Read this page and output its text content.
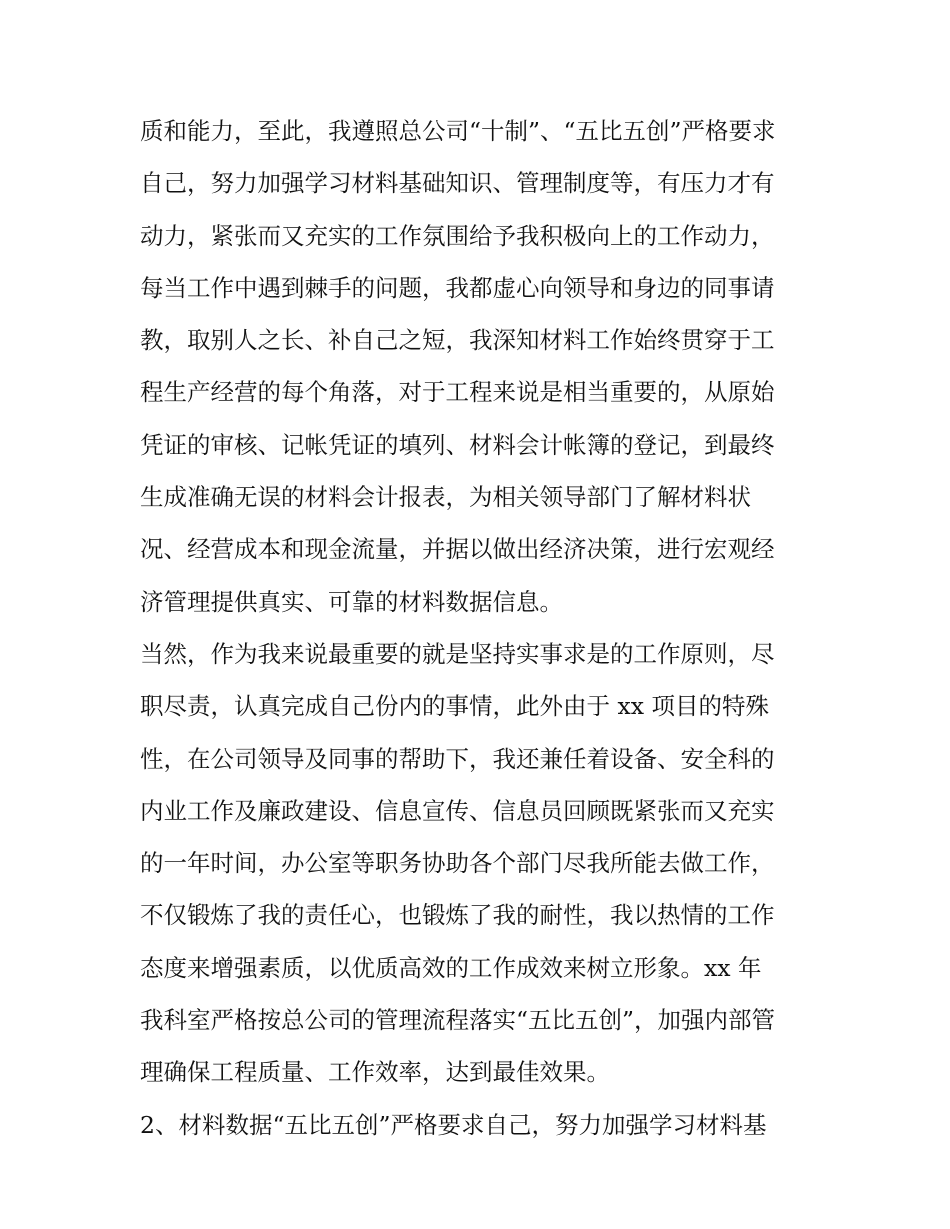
质和能力，至此，我遵照总公司“十制”、“五比五创”严格要求
自己，努力加强学习材料基础知识、管理制度等，有压力才有
动力，紧张而又充实的工作氛围给予我积极向上的工作动力，
每当工作中遇到棘手的问题，我都虚心向领导和身边的同事请
教，取别人之长、补自己之短，我深知材料工作始终贯穿于工
程生产经营的每个角落，对于工程来说是相当重要的，从原始
凭证的审核、记帐凭证的填列、材料会计帐簿的登记，到最终
生成准确无误的材料会计报表，为相关领导部门了解材料状
况、经营成本和现金流量，并据以做出经济决策，进行宏观经
济管理提供真实、可靠的材料数据信息。
当然，作为我来说最重要的就是坚持实事求是的工作原则，尽
职尽责，认真完成自己份内的事情，此外由于 xx 项目的特殊
性，在公司领导及同事的帮助下，我还兼任着设备、安全科的
内业工作及廉政建设、信息宣传、信息员回顾既紧张而又充实
的一年时间，办公室等职务协助各个部门尽我所能去做工作，
不仅锻炼了我的责任心，也锻炼了我的耐性，我以热情的工作
态度来增强素质，以优质高效的工作成效来树立形象。xx 年
我科室严格按总公司的管理流程落实“五比五创”，加强内部管
理确保工程质量、工作效率，达到最佳效果。
2、材料数据“五比五创”严格要求自己，努力加强学习材料基
